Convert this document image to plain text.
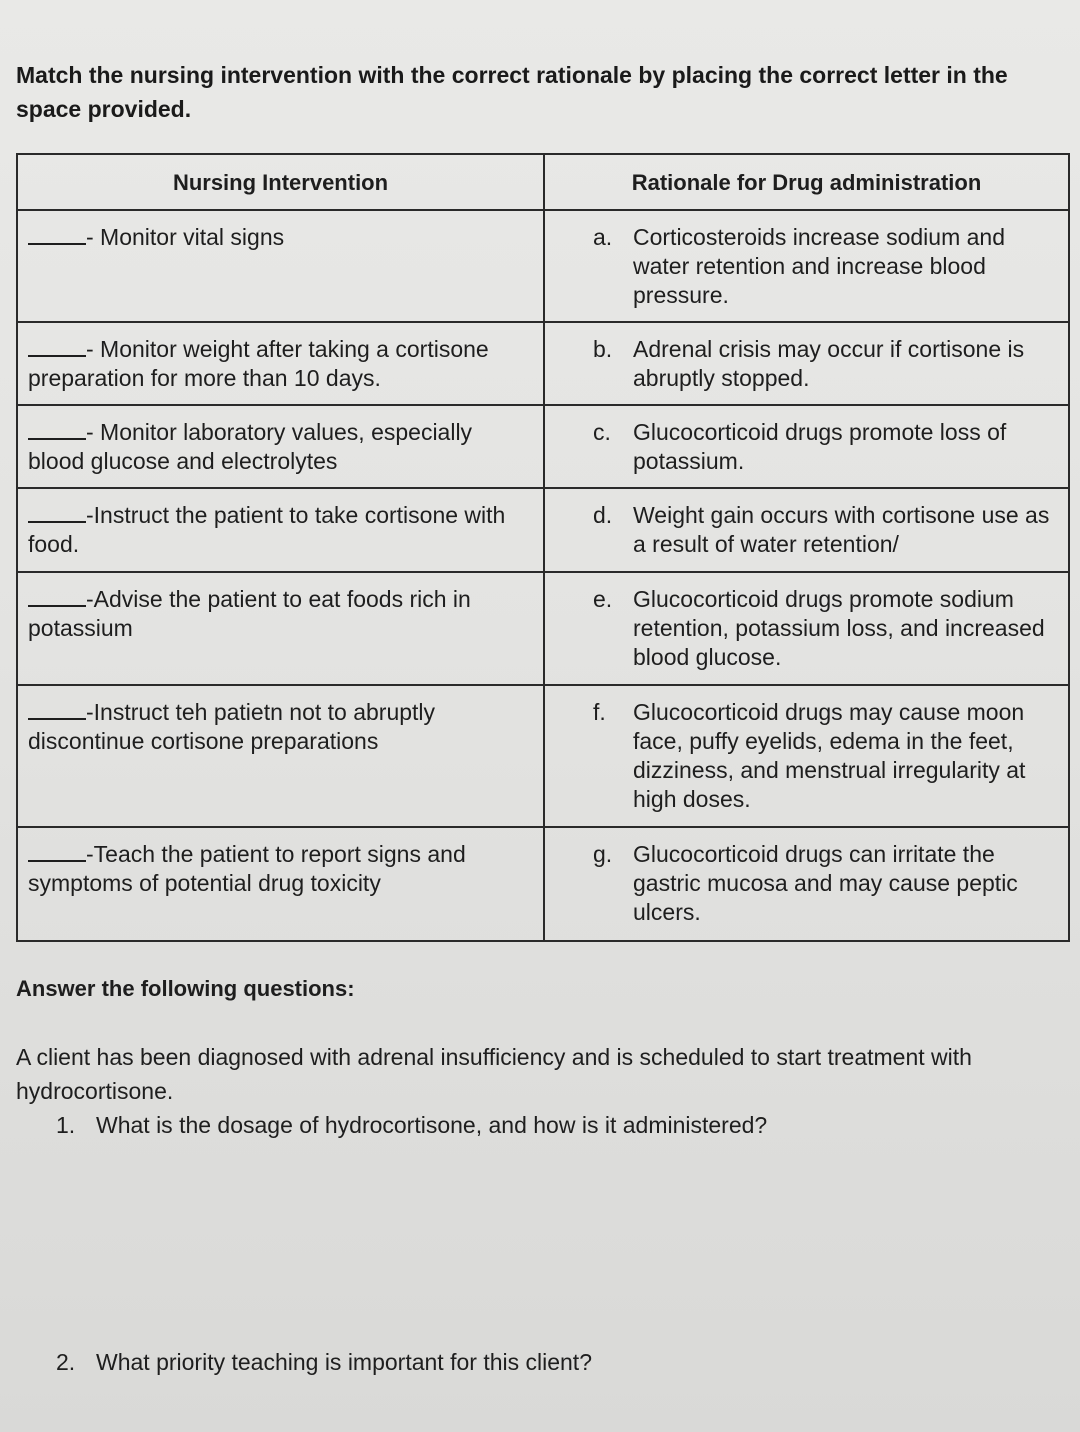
Match the nursing intervention with the correct rationale by placing the correct letter in the space provided.
Nursing Intervention	Rationale for Drug administration
- Monitor vital signs	a. Corticosteroids increase sodium and water retention and increase blood pressure.

- Monitor weight after taking a cortisone preparation for more than 10 days.	b. Adrenal crisis may occur if cortisone is abruptly stopped.

- Monitor laboratory values, especially blood glucose and electrolytes	c. Glucocorticoid drugs promote loss of potassium.

-Instruct the patient to take cortisone with food.	d. Weight gain occurs with cortisone use as a result of water retention/

-Advise the patient to eat foods rich in potassium	e. Glucocorticoid drugs promote sodium retention, potassium loss, and increased blood glucose.

-Instruct teh patietn not to abruptly discontinue cortisone preparations	f. Glucocorticoid drugs may cause moon face, puffy eyelids, edema in the feet, dizziness, and menstrual irregularity at high doses.

-Teach the patient to report signs and symptoms of potential drug toxicity	g. Glucocorticoid drugs can irritate the gastric mucosa and may cause peptic ulcers.
Answer the following questions:
A client has been diagnosed with adrenal insufficiency and is scheduled to start treatment with hydrocortisone.
1. What is the dosage of hydrocortisone, and how is it administered?
2. What priority teaching is important for this client?
